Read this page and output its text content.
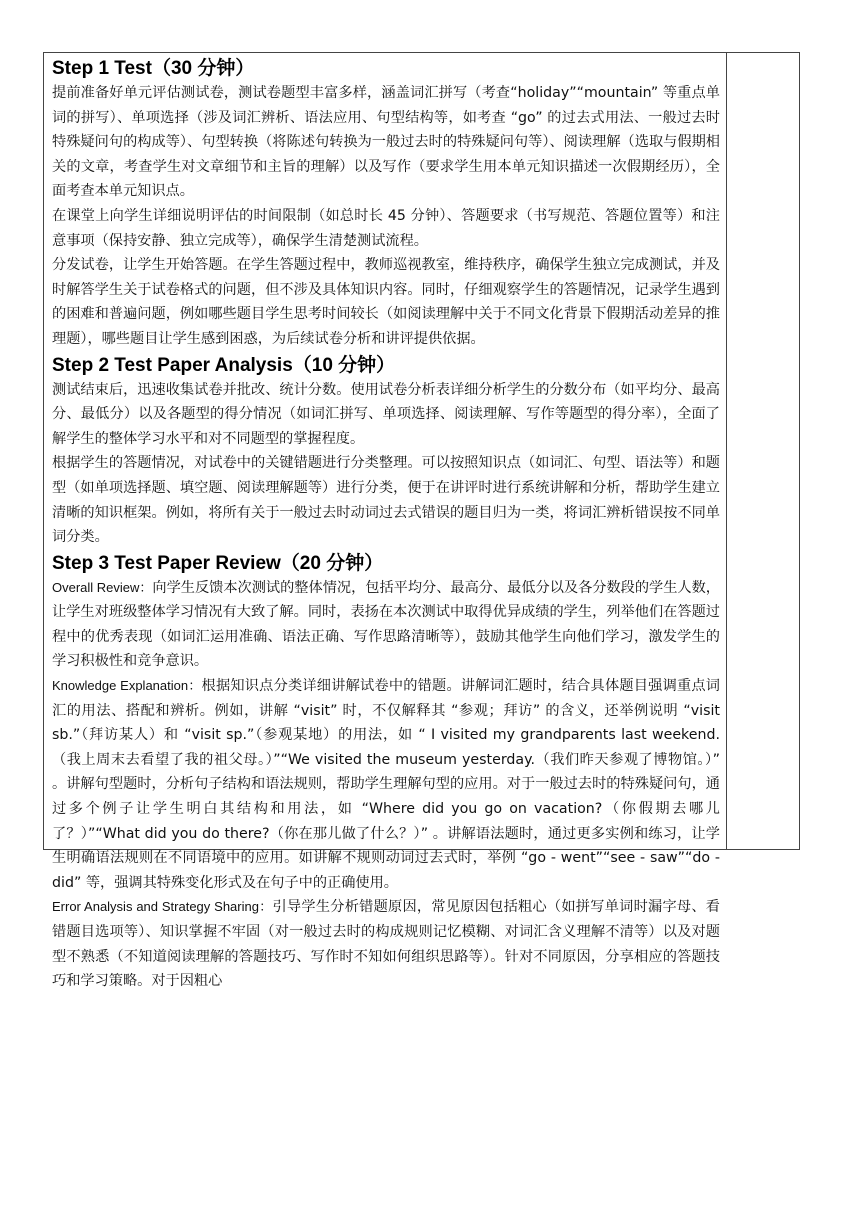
Step 1 Test（30 分钟）

提前准备好单元评估测试卷，测试卷题型丰富多样，涵盖词汇拼写（考查“holiday”“mountain” 等重点单词的拼写）、单项选择（涉及词汇辨析、语法应用、句型结构等，如考查 “go” 的过去式用法、一般过去时特殊疑问句的构成等）、句型转换（将陈述句转换为一般过去时的特殊疑问句等）、阅读理解（选取与假期相关的文章，考查学生对文章细节和主旨的理解）以及写作（要求学生用本单元知识描述一次假期经历），全面考查本单元知识点。

在课堂上向学生详细说明评估的时间限制（如总时长 45 分钟）、答题要求（书写规范、答题位置等）和注意事项（保持安静、独立完成等），确保学生清楚测试流程。

分发试卷，让学生开始答题。在学生答题过程中，教师巡视教室，维持秩序，确保学生独立完成测试，并及时解答学生关于试卷格式的问题，但不涉及具体知识内容。同时，仔细观察学生的答题情况，记录学生遇到的困难和普遍问题，例如哪些题目学生思考时间较长（如阅读理解中关于不同文化背景下假期活动差异的推理题），哪些题目让学生感到困惑，为后续试卷分析和讲评提供依据。

Step 2 Test Paper Analysis（10 分钟）

测试结束后，迅速收集试卷并批改、统计分数。使用试卷分析表详细分析学生的分数分布（如平均分、最高分、最低分）以及各题型的得分情况（如词汇拼写、单项选择、阅读理解、写作等题型的得分率），全面了解学生的整体学习水平和对不同题型的掌握程度。

根据学生的答题情况，对试卷中的关键错题进行分类整理。可以按照知识点（如词汇、句型、语法等）和题型（如单项选择题、填空题、阅读理解题等）进行分类，便于在讲评时进行系统讲解和分析，帮助学生建立清晰的知识框架。例如，将所有关于一般过去时动词过去式错误的题目归为一类，将词汇辨析错误按不同单词分类。

Step 3 Test Paper Review（20 分钟）

Overall Review：向学生反馈本次测试的整体情况，包括平均分、最高分、最低分以及各分数段的学生人数，让学生对班级整体学习情况有大致了解。同时，表扬在本次测试中取得优异成绩的学生，列举他们在答题过程中的优秀表现（如词汇运用准确、语法正确、写作思路清晰等），鼓励其他学生向他们学习，激发学生的学习积极性和竞争意识。

Knowledge Explanation：根据知识点分类详细讲解试卷中的错题。讲解词汇题时，结合具体题目强调重点词汇的用法、搭配和辨析。例如，讲解 “visit” 时，不仅解释其 “参观；拜访” 的含义，还举例说明 “visit sb.”（拜访某人）和 “visit sp.”（参观某地）的用法，如 “ I visited my grandparents last weekend.（我上周末去看望了我的祖父母。）”“We visited the museum yesterday.（我们昨天参观了博物馆。）” 。讲解句型题时，分析句子结构和语法规则，帮助学生理解句型的应用。对于一般过去时的特殊疑问句，通过多个例子让学生明白其结构和用法，如 “Where did you go on vacation?（你假期去哪儿了？）”“What did you do there?（你在那儿做了什么？）” 。讲解语法题时，通过更多实例和练习，让学生明确语法规则在不同语境中的应用。如讲解不规则动词过去式时，举例 “go - went”“see - saw”“do - did” 等，强调其特殊变化形式及在句子中的正确使用。

Error Analysis and Strategy Sharing：引导学生分析错题原因，常见原因包括粗心（如拼写单词时漏字母、看错题目选项等）、知识掌握不牢固（对一般过去时的构成规则记忆模糊、对词汇含义理解不清等）以及对题型不熟悉（不知道阅读理解的答题技巧、写作时不知如何组织思路等）。针对不同原因，分享相应的答题技巧和学习策略。对于因粗心
